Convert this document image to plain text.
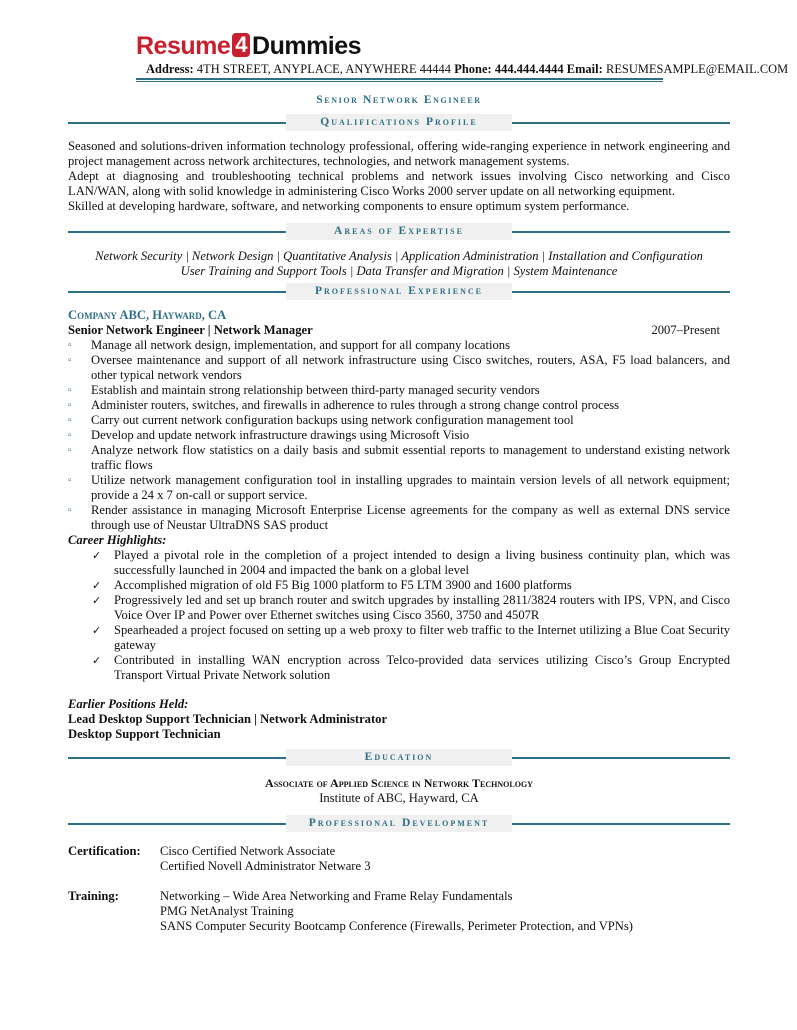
Resume 4 Dummies
Address: 4TH STREET, ANYPLACE, ANYWHERE 44444 Phone: 444.444.4444 Email: RESUMESAMPLE@EMAIL.COM
Senior Network Engineer
Qualifications Profile

Seasoned and solutions-driven information technology professional, offering wide-ranging experience in network engineering and project management across network architectures, technologies, and network management systems.

Adept at diagnosing and troubleshooting technical problems and network issues involving Cisco networking and Cisco LAN/WAN, along with solid knowledge in administering Cisco Works 2000 server update on all networking equipment.

Skilled at developing hardware, software, and networking components to ensure optimum system performance.

Areas of Expertise
Network Security | Network Design | Quantitative Analysis | Application Administration | Installation and Configuration
User Training and Support Tools | Data Transfer and Migration | System Maintenance
Professional Experience
Company ABC, Hayward, CA
Senior Network Engineer | Network Manager	2007–Present
▫ Manage all network design, implementation, and support for all company locations
▫ Oversee maintenance and support of all network infrastructure using Cisco switches, routers, ASA, F5 load balancers, and other typical network vendors
▫ Establish and maintain strong relationship between third-party managed security vendors
▫ Administer routers, switches, and firewalls in adherence to rules through a strong change control process
▫ Carry out current network configuration backups using network configuration management tool
▫ Develop and update network infrastructure drawings using Microsoft Visio
▫ Analyze network flow statistics on a daily basis and submit essential reports to management to understand existing network traffic flows
▫ Utilize network management configuration tool in installing upgrades to maintain version levels of all network equipment; provide a 24 x 7 on-call or support service.
▫ Render assistance in managing Microsoft Enterprise License agreements for the company as well as external DNS service through use of Neustar UltraDNS SAS product
Career Highlights:
✓ Played a pivotal role in the completion of a project intended to design a living business continuity plan, which was successfully launched in 2004 and impacted the bank on a global level
✓ Accomplished migration of old F5 Big 1000 platform to F5 LTM 3900 and 1600 platforms
✓ Progressively led and set up branch router and switch upgrades by installing 2811/3824 routers with IPS, VPN, and Cisco Voice Over IP and Power over Ethernet switches using Cisco 3560, 3750 and 4507R
✓ Spearheaded a project focused on setting up a web proxy to filter web traffic to the Internet utilizing a Blue Coat Security gateway
✓ Contributed in installing WAN encryption across Telco-provided data services utilizing Cisco’s Group Encrypted Transport Virtual Private Network solution
Earlier Positions Held:
Lead Desktop Support Technician | Network Administrator
Desktop Support Technician
Education
Associate of Applied Science in Network Technology
Institute of ABC, Hayward, CA
Professional Development
Certification:	Cisco Certified Network Associate
Certified Novell Administrator Netware 3
Training:	Networking – Wide Area Networking and Frame Relay Fundamentals
PMG NetAnalyst Training
SANS Computer Security Bootcamp Conference (Firewalls, Perimeter Protection, and VPNs)
